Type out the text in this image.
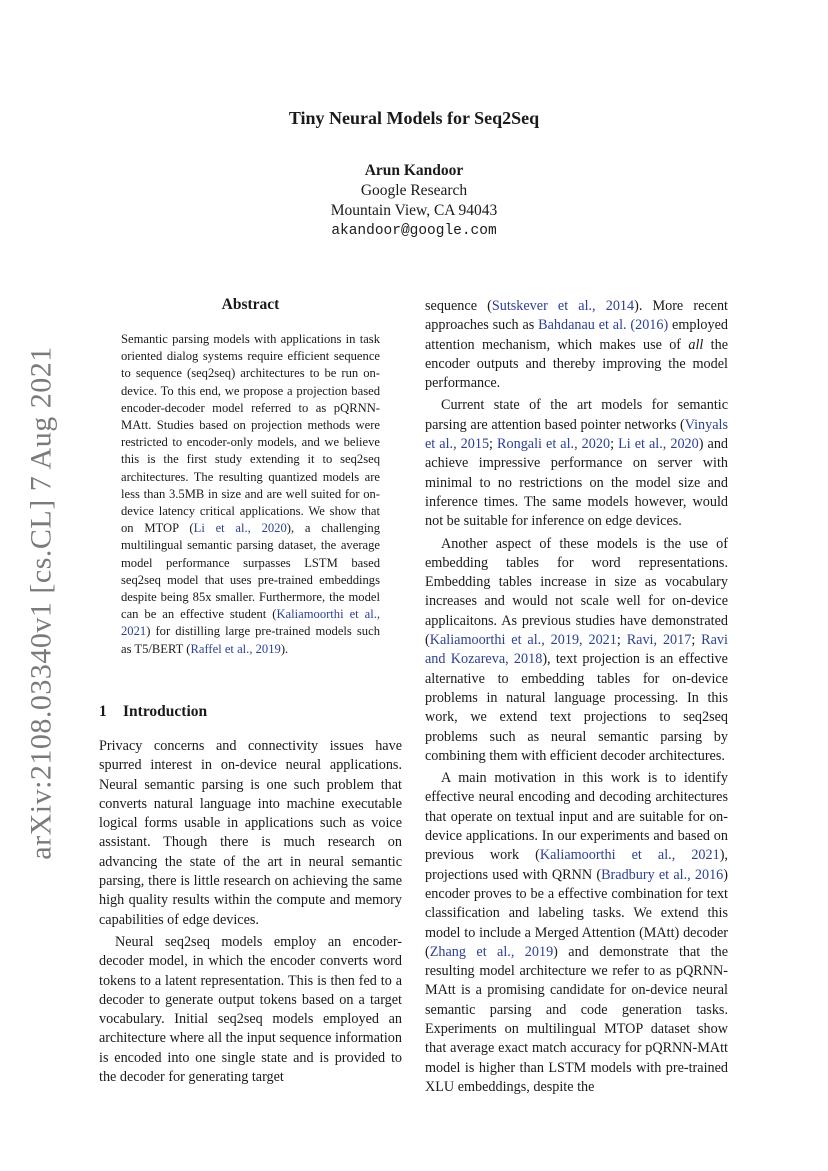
arXiv:2108.03340v1 [cs.CL] 7 Aug 2021
Tiny Neural Models for Seq2Seq
Arun Kandoor
Google Research
Mountain View, CA 94043
akandoor@google.com
Abstract

Semantic parsing models with applications in task oriented dialog systems require efficient sequence to sequence (seq2seq) architectures to be run on-device. To this end, we propose a projection based encoder-decoder model referred to as pQRNN-MAtt. Studies based on projection methods were restricted to encoder-only models, and we believe this is the first study extending it to seq2seq architectures. The resulting quantized models are less than 3.5MB in size and are well suited for on-device latency critical applications. We show that on MTOP (Li et al., 2020), a challenging multilingual semantic parsing dataset, the average model performance surpasses LSTM based seq2seq model that uses pre-trained embeddings despite being 85x smaller. Furthermore, the model can be an effective student (Kaliamoorthi et al., 2021) for distilling large pre-trained models such as T5/BERT (Raffel et al., 2019).

1 Introduction

Privacy concerns and connectivity issues have spurred interest in on-device neural applications. Neural semantic parsing is one such problem that converts natural language into machine executable logical forms usable in applications such as voice assistant. Though there is much research on advancing the state of the art in neural semantic parsing, there is little research on achieving the same high quality results within the compute and memory capabilities of edge devices.

Neural seq2seq models employ an encoder-decoder model, in which the encoder converts word tokens to a latent representation. This is then fed to a decoder to generate output tokens based on a target vocabulary. Initial seq2seq models employed an architecture where all the input sequence information is encoded into one single state and is provided to the decoder for generating target

sequence (Sutskever et al., 2014). More recent approaches such as Bahdanau et al. (2016) employed attention mechanism, which makes use of all the encoder outputs and thereby improving the model performance.

Current state of the art models for semantic parsing are attention based pointer networks (Vinyals et al., 2015; Rongali et al., 2020; Li et al., 2020) and achieve impressive performance on server with minimal to no restrictions on the model size and inference times. The same models however, would not be suitable for inference on edge devices.

Another aspect of these models is the use of embedding tables for word representations. Embedding tables increase in size as vocabulary increases and would not scale well for on-device applicaitons. As previous studies have demonstrated (Kaliamoorthi et al., 2019, 2021; Ravi, 2017; Ravi and Kozareva, 2018), text projection is an effective alternative to embedding tables for on-device problems in natural language processing. In this work, we extend text projections to seq2seq problems such as neural semantic parsing by combining them with efficient decoder architectures.

A main motivation in this work is to identify effective neural encoding and decoding architectures that operate on textual input and are suitable for on-device applications. In our experiments and based on previous work (Kaliamoorthi et al., 2021), projections used with QRNN (Bradbury et al., 2016) encoder proves to be a effective combination for text classification and labeling tasks. We extend this model to include a Merged Attention (MAtt) decoder (Zhang et al., 2019) and demonstrate that the resulting model architecture we refer to as pQRNN-MAtt is a promising candidate for on-device neural semantic parsing and code generation tasks. Experiments on multilingual MTOP dataset show that average exact match accuracy for pQRNN-MAtt model is higher than LSTM models with pre-trained XLU embeddings, despite the
